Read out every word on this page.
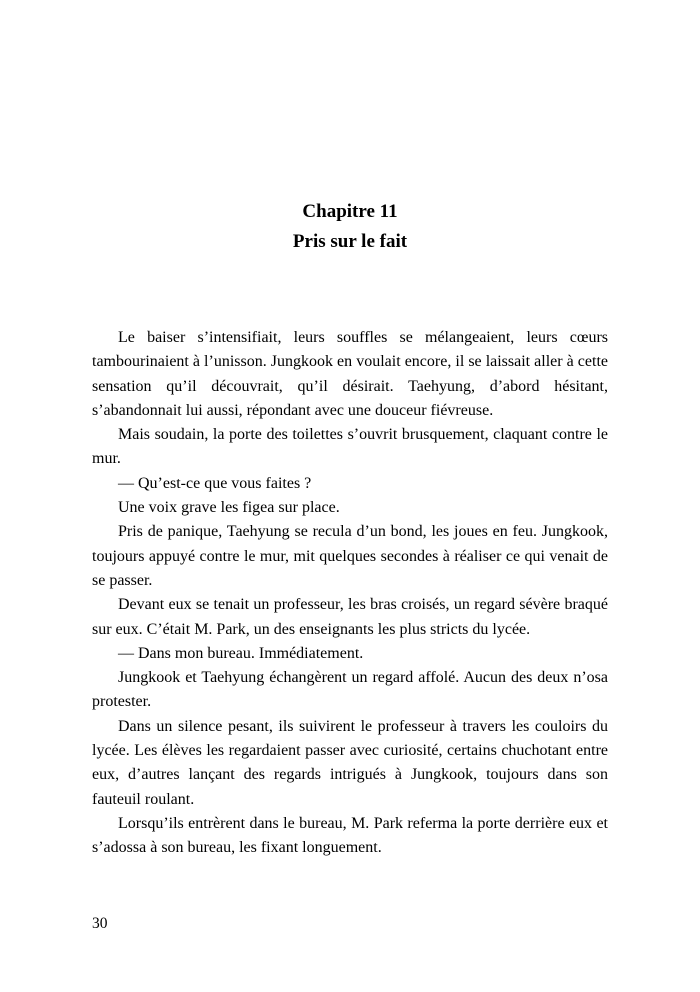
Chapitre 11
Pris sur le fait

Le baiser s’intensifiait, leurs souffles se mélangeaient, leurs cœurs tambourinaient à l’unisson. Jungkook en voulait encore, il se laissait aller à cette sensation qu’il découvrait, qu’il désirait. Taehyung, d’abord hésitant, s’abandonnait lui aussi, répondant avec une douceur fiévreuse.

Mais soudain, la porte des toilettes s’ouvrit brusquement, claquant contre le mur.

— Qu’est-ce que vous faites ?

Une voix grave les figea sur place.

Pris de panique, Taehyung se recula d’un bond, les joues en feu. Jungkook, toujours appuyé contre le mur, mit quelques secondes à réaliser ce qui venait de se passer.

Devant eux se tenait un professeur, les bras croisés, un regard sévère braqué sur eux. C’était M. Park, un des enseignants les plus stricts du lycée.

— Dans mon bureau. Immédiatement.

Jungkook et Taehyung échangèrent un regard affolé. Aucun des deux n’osa protester.

Dans un silence pesant, ils suivirent le professeur à travers les couloirs du lycée. Les élèves les regardaient passer avec curiosité, certains chuchotant entre eux, d’autres lançant des regards intrigués à Jungkook, toujours dans son fauteuil roulant.

Lorsqu’ils entrèrent dans le bureau, M. Park referma la porte derrière eux et s’adossa à son bureau, les fixant longuement.

30
